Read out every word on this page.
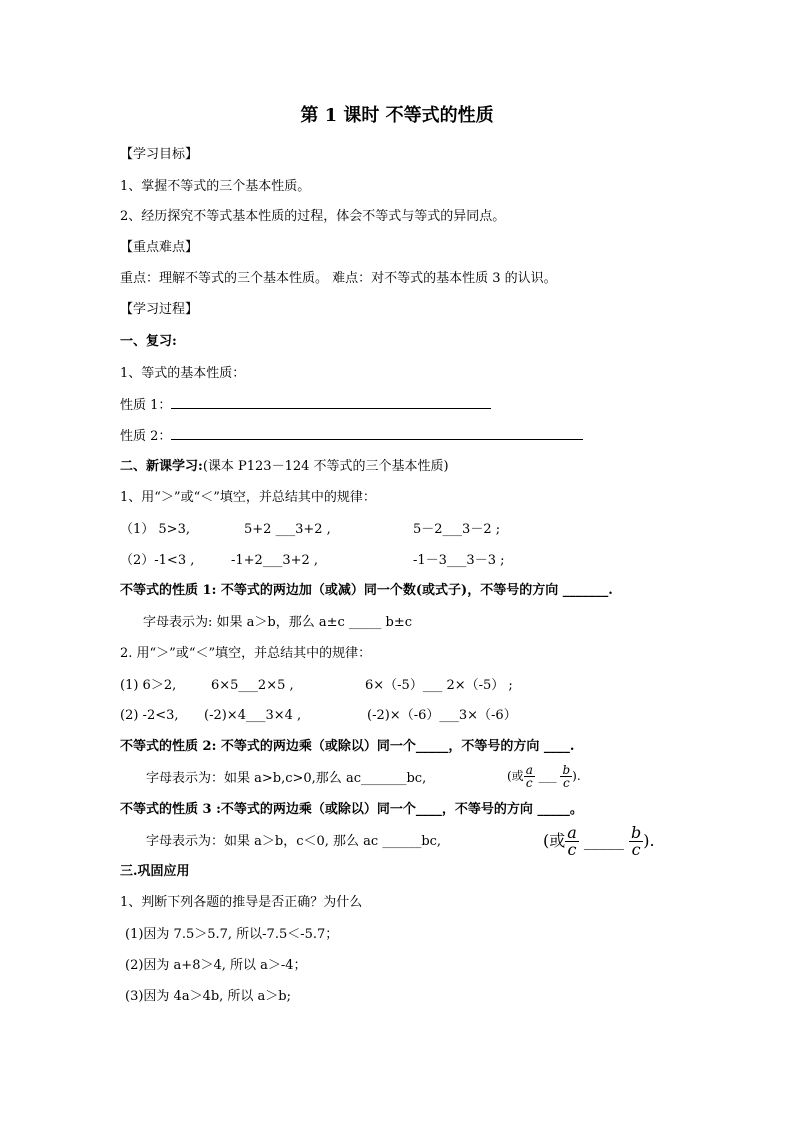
第 1 课时 不等式的性质
【学习目标】
1、掌握不等式的三个基本性质。
2、经历探究不等式基本性质的过程，体会不等式与等式的异同点。
【重点难点】
重点：理解不等式的三个基本性质。 难点：对不等式的基本性质 3 的认识。
【学习过程】
一、复习:
1、等式的基本性质：
性质 1：
性质 2：
二、新课学习:(课本 P123－124 不等式的三个基本性质)
1、用“＞”或“＜”填空，并总结其中的规律：
（1） 5>3,	5+2 ___3+2 ,	5－2___3－2 ;
（2）-1<3 ,	-1+2___3+2 ,	-1－3___3－3 ;
不等式的性质 1: 不等式的两边加（或减）同一个数(或式子)，不等号的方向 _______.
字母表示为: 如果 a＞b，那么 a±c _____ b±c
2. 用“＞”或“＜”填空，并总结其中的规律：
(1) 6＞2,	6×5___2×5 ,	6×（-5）___ 2×（-5） ;
(2) -2<3, (-2)×4___3×4 ,	(-2)×（-6）___3×（-6）
不等式的性质 2: 不等式的两边乘（或除以）同一个_____，不等号的方向 ____.
字母表示为：如果 a>b,c>0,那么 ac_______bc,	(或 $\frac{a}{c}$ ___ $\frac{b}{c}$ ).
不等式的性质 3 :不等式的两边乘（或除以）同一个____，不等号的方向 _____。
字母表示为：如果 a＞b，c＜0, 那么 ac ______bc,	(或 $\frac{a}{c}$ _____ $\frac{b}{c}$ ).
三.巩固应用
1、判断下列各题的推导是否正确？为什么
(1)因为 7.5＞5.7, 所以-7.5＜-5.7；
(2)因为 a+8＞4, 所以 a＞-4；
(3)因为 4a＞4b, 所以 a＞b;
